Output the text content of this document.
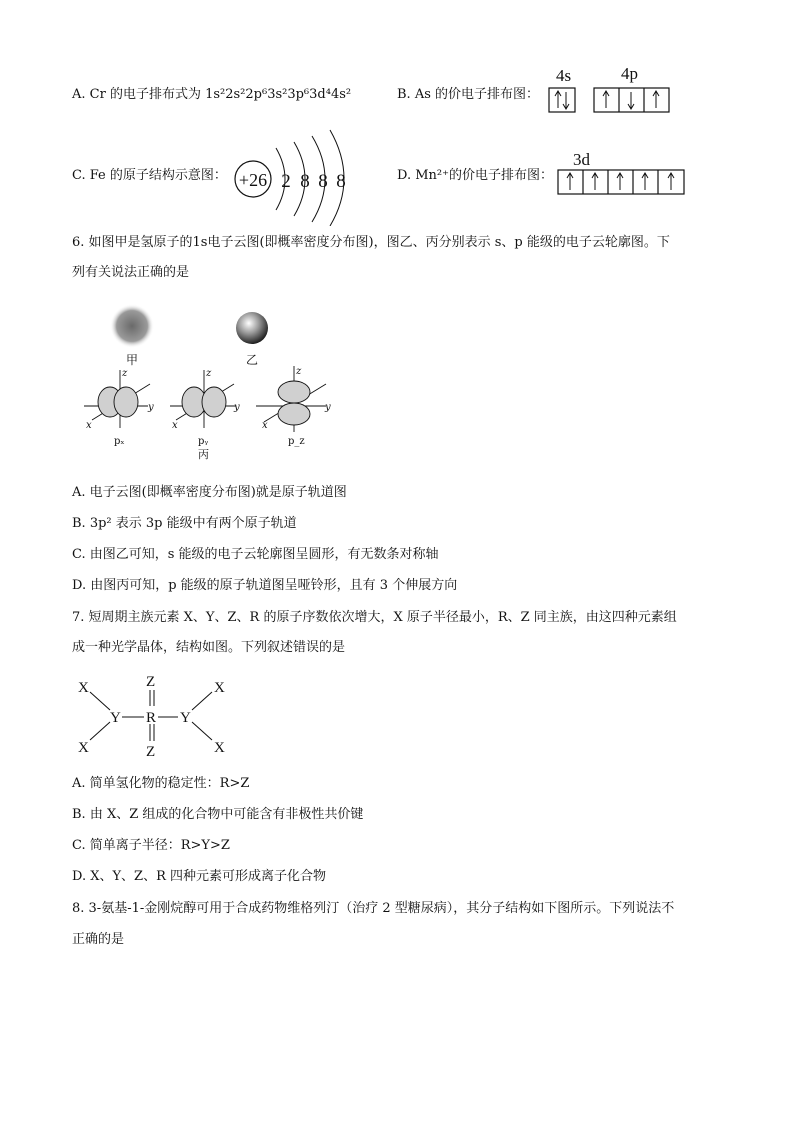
A. Cr 的电子排布式为 1s²2s²2p⁶3s²3p⁶3d⁴4s²	B. As 的价电子排布图：
4s	4p
C. Fe 的原子结构示意图： +26 2 8 8 8	D. Mn²⁺的价电子排布图：
3d
6. 如图甲是氢原子的1s电子云图(即概率密度分布图)，图乙、丙分别表示 s、p 能级的电子云轮廓图。下
列有关说法正确的是
甲	乙
z
y
x
pₓ
z
y
x
pᵧ
丙
z
y
x
p_z
A. 电子云图(即概率密度分布图)就是原子轨道图
B. 3p² 表示 3p 能级中有两个原子轨道
C. 由图乙可知，s 能级的电子云轮廓图呈圆形，有无数条对称轴
D. 由图丙可知，p 能级的原子轨道图呈哑铃形，且有 3 个伸展方向
7. 短周期主族元素 X、Y、Z、R 的原子序数依次增大，X 原子半径最小，R、Z 同主族，由这四种元素组
成一种光学晶体，结构如图。下列叙述错误的是
X
X
Y R
Z
Z
Y
X
X
A. 简单氢化物的稳定性：R>Z
B. 由 X、Z 组成的化合物中可能含有非极性共价键
C. 简单离子半径：R>Y>Z
D. X、Y、Z、R 四种元素可形成离子化合物
8. 3-氨基-1-金刚烷醇可用于合成药物维格列汀（治疗 2 型糖尿病），其分子结构如下图所示。下列说法不
正确的是
